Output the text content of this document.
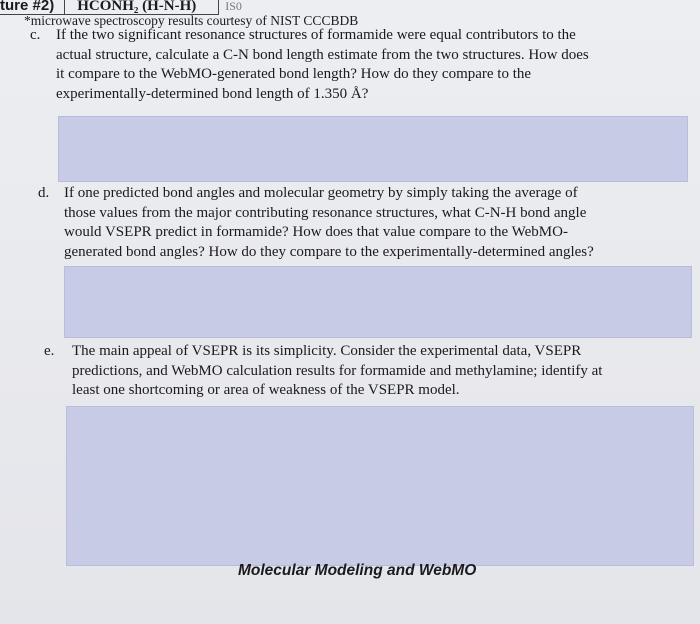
ture #2)	HCONH₂ (H-N-H)	IS0
*microwave spectroscopy results courtesy of NIST CCCBDB
c. If the two significant resonance structures of formamide were equal contributors to the
actual structure, calculate a C-N bond length estimate from the two structures. How does
it compare to the WebMO-generated bond length? How do they compare to the
experimentally-determined bond length of 1.350 Å?
d. If one predicted bond angles and molecular geometry by simply taking the average of
those values from the major contributing resonance structures, what C-N-H bond angle
would VSEPR predict in formamide? How does that value compare to the WebMO-
generated bond angles? How do they compare to the experimentally-determined angles?
e. The main appeal of VSEPR is its simplicity. Consider the experimental data, VSEPR
predictions, and WebMO calculation results for formamide and methylamine; identify at
least one shortcoming or area of weakness of the VSEPR model.
Molecular Modeling and WebMO
